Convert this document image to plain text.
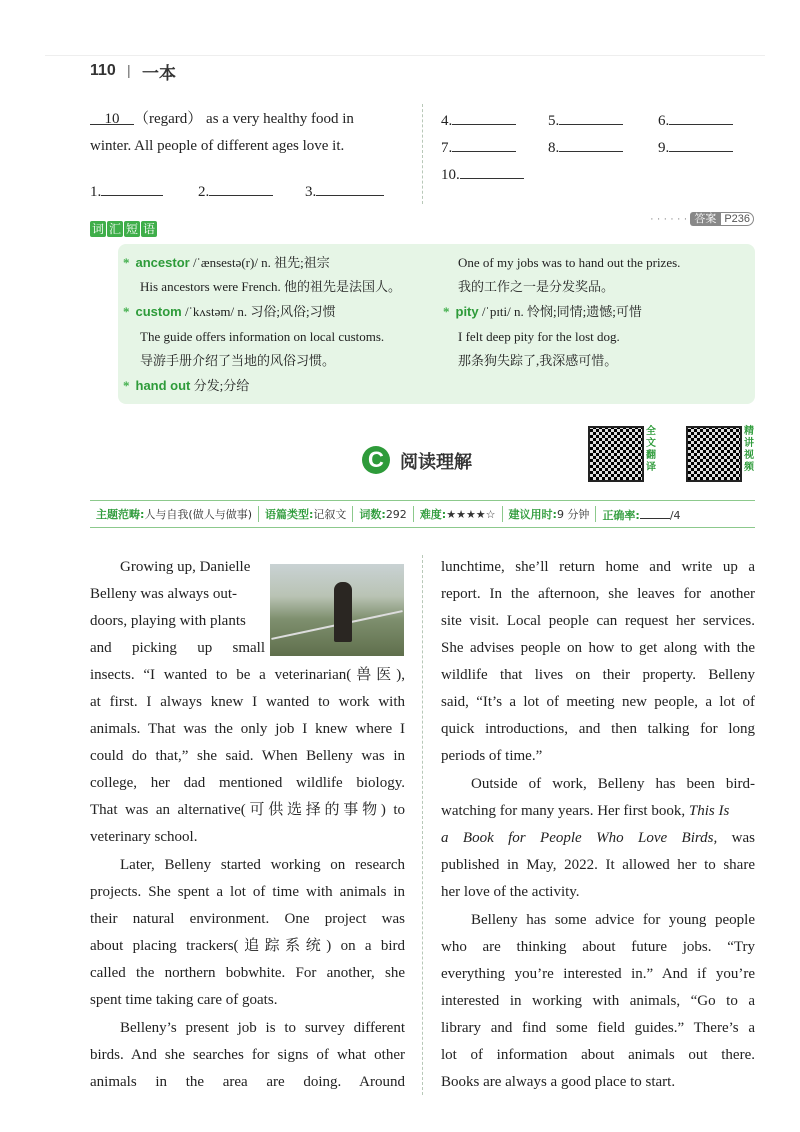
110 | 一本
10 （regard） as a very healthy food in
winter. All people of different ages love it.
1.	2.	3.
4.	5.	6.
7.	8.	9.
10.
词 汇 短 语
· · · · · · 答案 P236
* ancestor /ˈænsestə(r)/ n. 祖先;祖宗
His ancestors were French. 他的祖先是法国人。
* custom /ˈkʌstəm/ n. 习俗;风俗;习惯
The guide offers information on local customs.
导游手册介绍了当地的风俗习惯。
* hand out 分发;分给
One of my jobs was to hand out the prizes.
我的工作之一是分发奖品。
* pity /ˈpɪti/ n. 怜悯;同情;遗憾;可惜
I felt deep pity for the lost dog.
那条狗失踪了,我深感可惜。
C 阅读理解
全
文
翻
译
精
讲
视
频
主题范畴:人与自我(做人与做事)	语篇类型:记叙文	词数:292	难度:★★★★☆	建议用时:9 分钟	正确率:	/4
Growing up, Danielle
Belleny was always out-
doors, playing with plants
and picking up small
insects. “I wanted to be a veterinarian(兽医),
at first. I always knew I wanted to work with
animals. That was the only job I knew where I
could do that,” she said. When Belleny was in
college, her dad mentioned wildlife biology.
That was an alternative(可供选择的事物) to
veterinary school.
Later, Belleny started working on research
projects. She spent a lot of time with animals in
their natural environment. One project was
about placing trackers(追踪系统) on a bird
called the northern bobwhite. For another, she
spent time taking care of goats.
Belleny’s present job is to survey different
birds. And she searches for signs of what other
animals in the area are doing. Around
lunchtime, she’ll return home and write up a
report. In the afternoon, she leaves for another
site visit. Local people can request her services.
She advises people on how to get along with the
wildlife that lives on their property. Belleny
said, “It’s a lot of meeting new people, a lot of
quick introductions, and then talking for long
periods of time.”
Outside of work, Belleny has been bird-
watching for many years. Her first book, This Is
a Book for People Who Love Birds, was
published in May, 2022. It allowed her to share
her love of the activity.
Belleny has some advice for young people
who are thinking about future jobs. “Try
everything you’re interested in.” And if you’re
interested in working with animals, “Go to a
library and find some field guides.” There’s a
lot of information about animals out there.
Books are always a good place to start.
